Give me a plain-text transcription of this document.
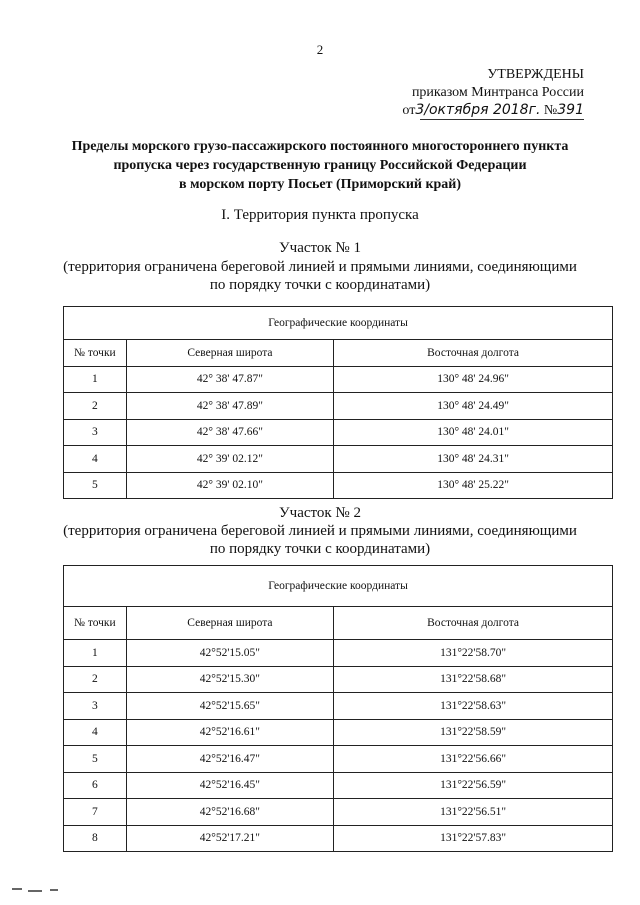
2
УТВЕРЖДЕНЫ
приказом Минтранса России
от3/октября 2018г. №391
Пределы морского грузо-пассажирского постоянного многостороннего пункта
пропуска через государственную границу Российской Федерации
в морском порту Посьет (Приморский край)
I. Территория пункта пропуска
Участок № 1
(территория ограничена береговой линией и прямыми линиями, соединяющими
по порядку точки с координатами)
Географические координаты		
№ точки	Северная широта	Восточная долгота
1	42° 38' 47.87"	130° 48' 24.96"
2	42° 38' 47.89"	130° 48' 24.49"
3	42° 38' 47.66"	130° 48' 24.01"
4	42° 39' 02.12"	130° 48' 24.31"
5	42° 39' 02.10"	130° 48' 25.22"
Участок № 2
(территория ограничена береговой линией и прямыми линиями, соединяющими
по порядку точки с координатами)
Географические координаты		
№ точки	Северная широта	Восточная долгота
1	42°52'15.05"	131°22'58.70"
2	42°52'15.30"	131°22'58.68"
3	42°52'15.65"	131°22'58.63"
4	42°52'16.61"	131°22'58.59"
5	42°52'16.47"	131°22'56.66"
6	42°52'16.45"	131°22'56.59"
7	42°52'16.68"	131°22'56.51"
8	42°52'17.21"	131°22'57.83"
